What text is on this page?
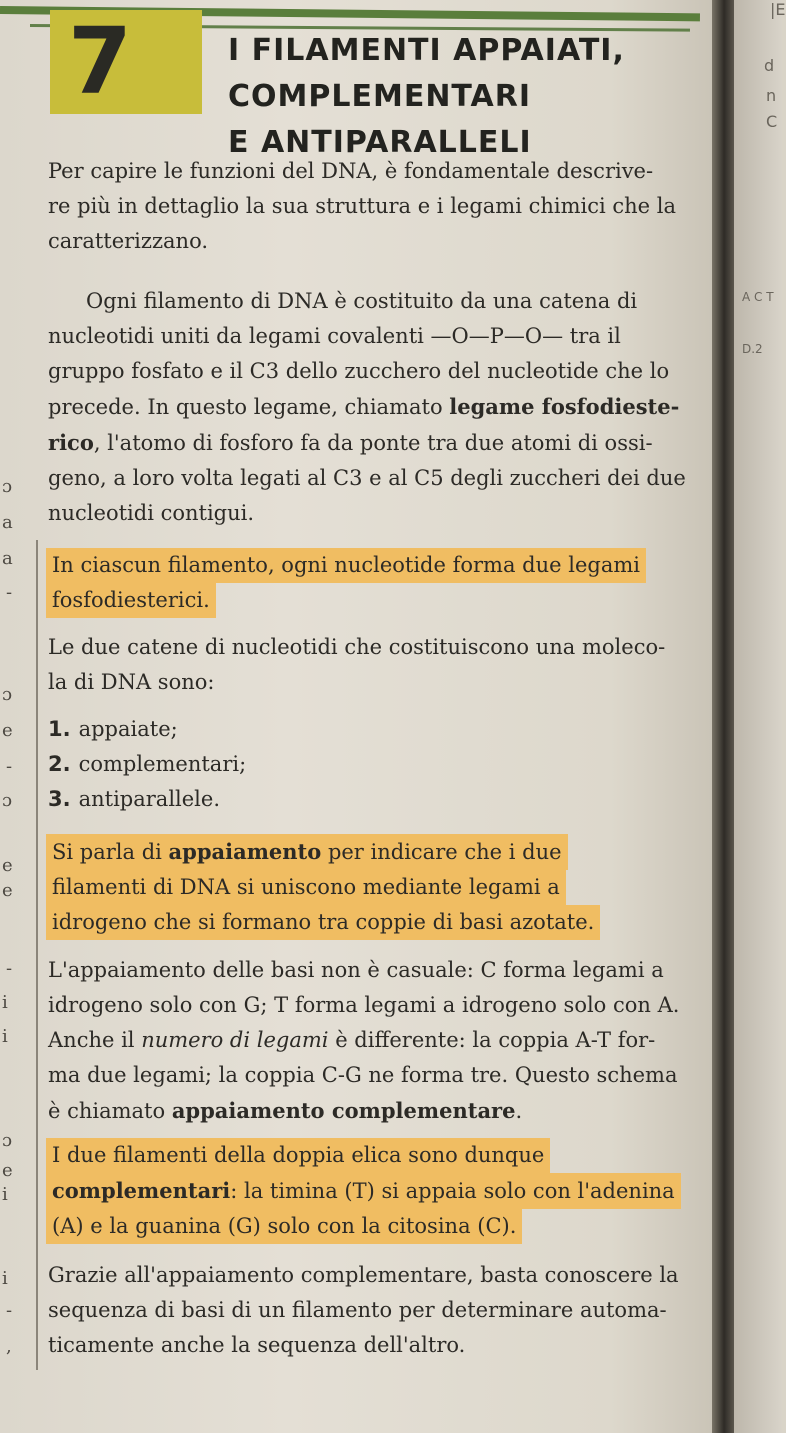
7	I FILAMENTI APPAIATI,
COMPLEMENTARI
E ANTIPARALLELI
Per capire le funzioni del DNA, è fondamentale descrive-
re più in dettaglio la sua struttura e i legami chimici che la
caratterizzano.
Ogni filamento di DNA è costituito da una catena di
nucleotidi uniti da legami covalenti —O—P—O— tra il
gruppo fosfato e il C3 dello zucchero del nucleotide che lo
precede. In questo legame, chiamato legame fosfodieste-
rico, l'atomo di fosforo fa da ponte tra due atomi di ossi-
geno, a loro volta legati al C3 e al C5 degli zuccheri dei due
nucleotidi contigui.
In ciascun filamento, ogni nucleotide forma due legami
fosfodiesterici.
Le due catene di nucleotidi che costituiscono una moleco-
la di DNA sono:
1. appaiate;
2. complementari;
3. antiparallele.
Si parla di appaiamento per indicare che i due
filamenti di DNA si uniscono mediante legami a
idrogeno che si formano tra coppie di basi azotate.
L'appaiamento delle basi non è casuale: C forma legami a
idrogeno solo con G; T forma legami a idrogeno solo con A.
Anche il numero di legami è differente: la coppia A-T for-
ma due legami; la coppia C-G ne forma tre. Questo schema
è chiamato appaiamento complementare.
I due filamenti della doppia elica sono dunque
complementari: la timina (T) si appaia solo con l'adenina
(A) e la guanina (G) solo con la citosina (C).
Grazie all'appaiamento complementare, basta conoscere la
sequenza di basi di un filamento per determinare automa-
ticamente anche la sequenza dell'altro.
ɔ
a
a
-
ɔ
e
-
ɔ
e
e
-
i
i
ɔ
e
i
i
-
,
|E
d
n
C
A C T
D.2
